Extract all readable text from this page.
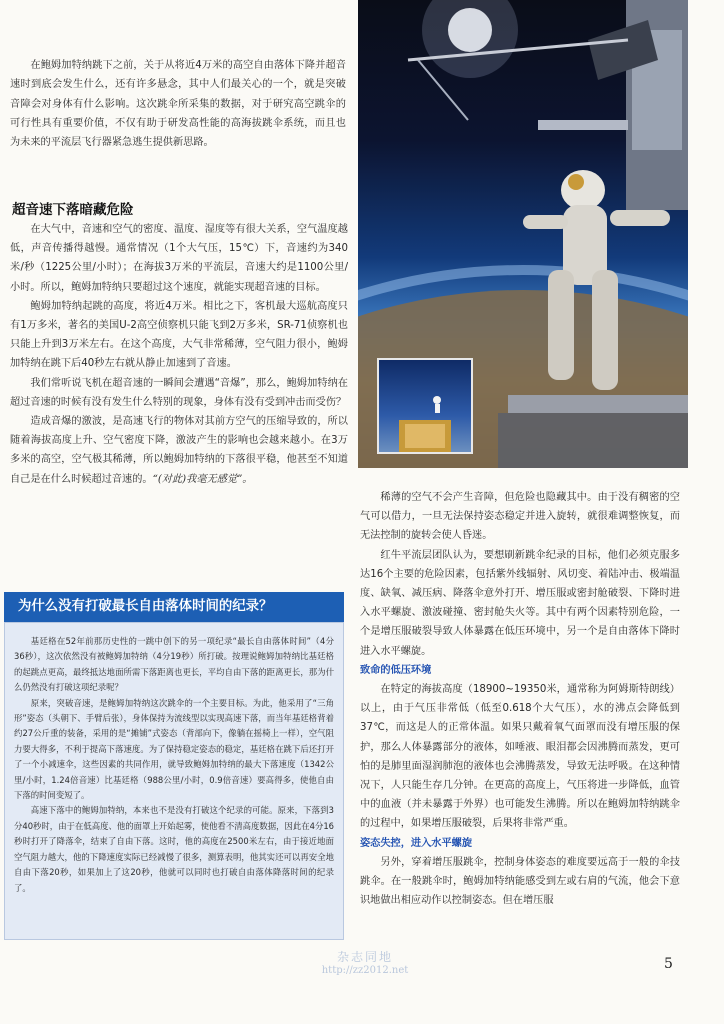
在鲍姆加特纳跳下之前，关于从将近4万米的高空自由落体下降并超音速时到底会发生什么，还有许多悬念，其中人们最关心的一个，就是突破音障会对身体有什么影响。这次跳伞所采集的数据，对于研究高空跳伞的可行性具有重要价值，不仅有助于研发高性能的高海拔跳伞系统，而且也为未来的平流层飞行器紧急逃生提供新思路。

超音速下落暗藏危险

在大气中，音速和空气的密度、温度、湿度等有很大关系，空气温度越低，声音传播得越慢。通常情况（1个大气压，15℃）下，音速约为340米/秒（1225公里/小时）；在海拔3万米的平流层，音速大约是1100公里/小时。所以，鲍姆加特纳只要超过这个速度，就能实现超音速的目标。

鲍姆加特纳起跳的高度，将近4万米。相比之下，客机最大巡航高度只有1万多米，著名的美国U-2高空侦察机只能飞到2万多米，SR-71侦察机也只能上升到3万米左右。在这个高度，大气非常稀薄，空气阻力很小，鲍姆加特纳在跳下后40秒左右就从静止加速到了音速。

我们常听说飞机在超音速的一瞬间会遭遇“音爆”，那么，鲍姆加特纳在超过音速的时候有没有发生什么特别的现象，身体有没有受到冲击而受伤？

造成音爆的激波，是高速飞行的物体对其前方空气的压缩导致的，所以随着海拔高度上升、空气密度下降，激波产生的影响也会越来越小。在3万多米的高空，空气极其稀薄，所以鲍姆加特纳的下落很平稳，他甚至不知道自己是在什么时候超过音速的。“(对此)我毫无感觉”。

稀薄的空气不会产生音障，但危险也隐藏其中。由于没有稠密的空气可以借力，一旦无法保持姿态稳定并进入旋转，就很难调整恢复，而无法控制的旋转会使人昏迷。

红牛平流层团队认为，要想刷新跳伞纪录的目标，他们必须克服多达16个主要的危险因素，包括紫外线辐射、风切变、着陆冲击、极端温度、缺氧、减压病、降落伞意外打开、增压服或密封舱破裂、下降时进入水平螺旋、激波碰撞、密封舱失火等。其中有两个因素特别危险，一个是增压服破裂导致人体暴露在低压环境中，另一个是自由落体下降时进入水平螺旋。

致命的低压环境

在特定的海拔高度（18900~19350米，通常称为阿姆斯特朗线）以上，由于气压非常低（低至0.618个大气压），水的沸点会降低到37℃，而这是人的正常体温。如果只戴着氧气面罩而没有增压服的保护，那么人体暴露部分的液体，如唾液、眼泪都会因沸腾而蒸发，更可怕的是肺里面湿润肺泡的液体也会沸腾蒸发，导致无法呼吸。在这种情况下，人只能生存几分钟。在更高的高度上，气压将进一步降低，血管中的血液（并未暴露于外界）也可能发生沸腾。所以在鲍姆加特纳跳伞的过程中，如果增压服破裂，后果将非常严重。

姿态失控，进入水平螺旋

另外，穿着增压服跳伞，控制身体姿态的难度要远高于一般的伞技跳伞。在一般跳伞时，鲍姆加特纳能感受到左或右肩的气流，他会下意识地做出相应动作以控制姿态。但在增压服

为什么没有打破最长自由落体时间的纪录？

基廷格在52年前那历史性的一跳中创下的另一项纪录“最长自由落体时间”（4分36秒），这次依然没有被鲍姆加特纳（4分19秒）所打破。按理说鲍姆加特纳比基廷格的起跳点更高，最终抵达地面所需下落距离也更长，平均自由下落的距离更长，那为什么仍然没有打破这项纪录呢？

原来，突破音速，是鲍姆加特纳这次跳伞的一个主要目标。为此，他采用了“三角形”姿态（头朝下、手臂后张），身体保持为流线型以实现高速下落，而当年基廷格背着约27公斤重的装备，采用的是“摊铺”式姿态（背部向下，像躺在摇椅上一样），空气阻力要大得多，不利于提高下落速度。为了保持稳定姿态的稳定，基廷格在跳下后还打开了一个小减速伞，这些因素的共同作用，就导致鲍姆加特纳的最大下落速度（1342公里/小时，1.24倍音速）比基廷格（988公里/小时，0.9倍音速）要高得多，使他自由下落的时间变短了。

高速下落中的鲍姆加特纳，本来也不是没有打破这个纪录的可能。原来，下落到3分40秒时，由于在低高度、他的面罩上开始起雾，使他看不清高度数据，因此在4分16秒时打开了降落伞，结束了自由下落。这时，他的高度在2500米左右，由于接近地面空气阻力越大，他的下降速度实际已经减慢了很多，测算表明，他其实还可以再安全地自由下落20秒，如果加上了这20秒，他就可以同时也打破自由落体降落时间的纪录了。

杂志同地
http://zz2012.net	5
